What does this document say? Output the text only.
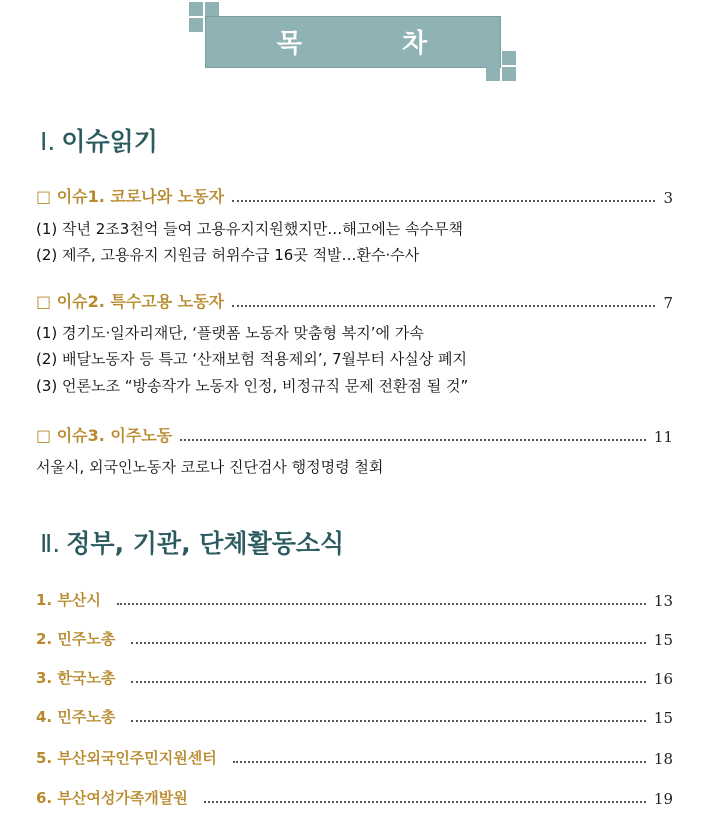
목	차
Ⅰ. 이슈읽기
□ 이슈1. 코로나와 노동자	3
(1) 작년 2조3천억 들여 고용유지지원했지만…해고에는 속수무책
(2) 제주, 고용유지 지원금 허위수급 16곳 적발…환수·수사
□ 이슈2. 특수고용 노동자	7
(1) 경기도·일자리재단, ‘플랫폼 노동자 맞춤형 복지’에 가속
(2) 배달노동자 등 특고 ‘산재보험 적용제외’, 7월부터 사실상 폐지
(3) 언론노조 “방송작가 노동자 인정, 비정규직 문제 전환점 될 것”
□ 이슈3. 이주노동	11
서울시, 외국인노동자 코로나 진단검사 행정명령 철회
Ⅱ. 정부, 기관, 단체활동소식
1. 부산시	13
2. 민주노총	15
3. 한국노총	16
4. 민주노총	15
5. 부산외국인주민지원센터	18
6. 부산여성가족개발원	19
